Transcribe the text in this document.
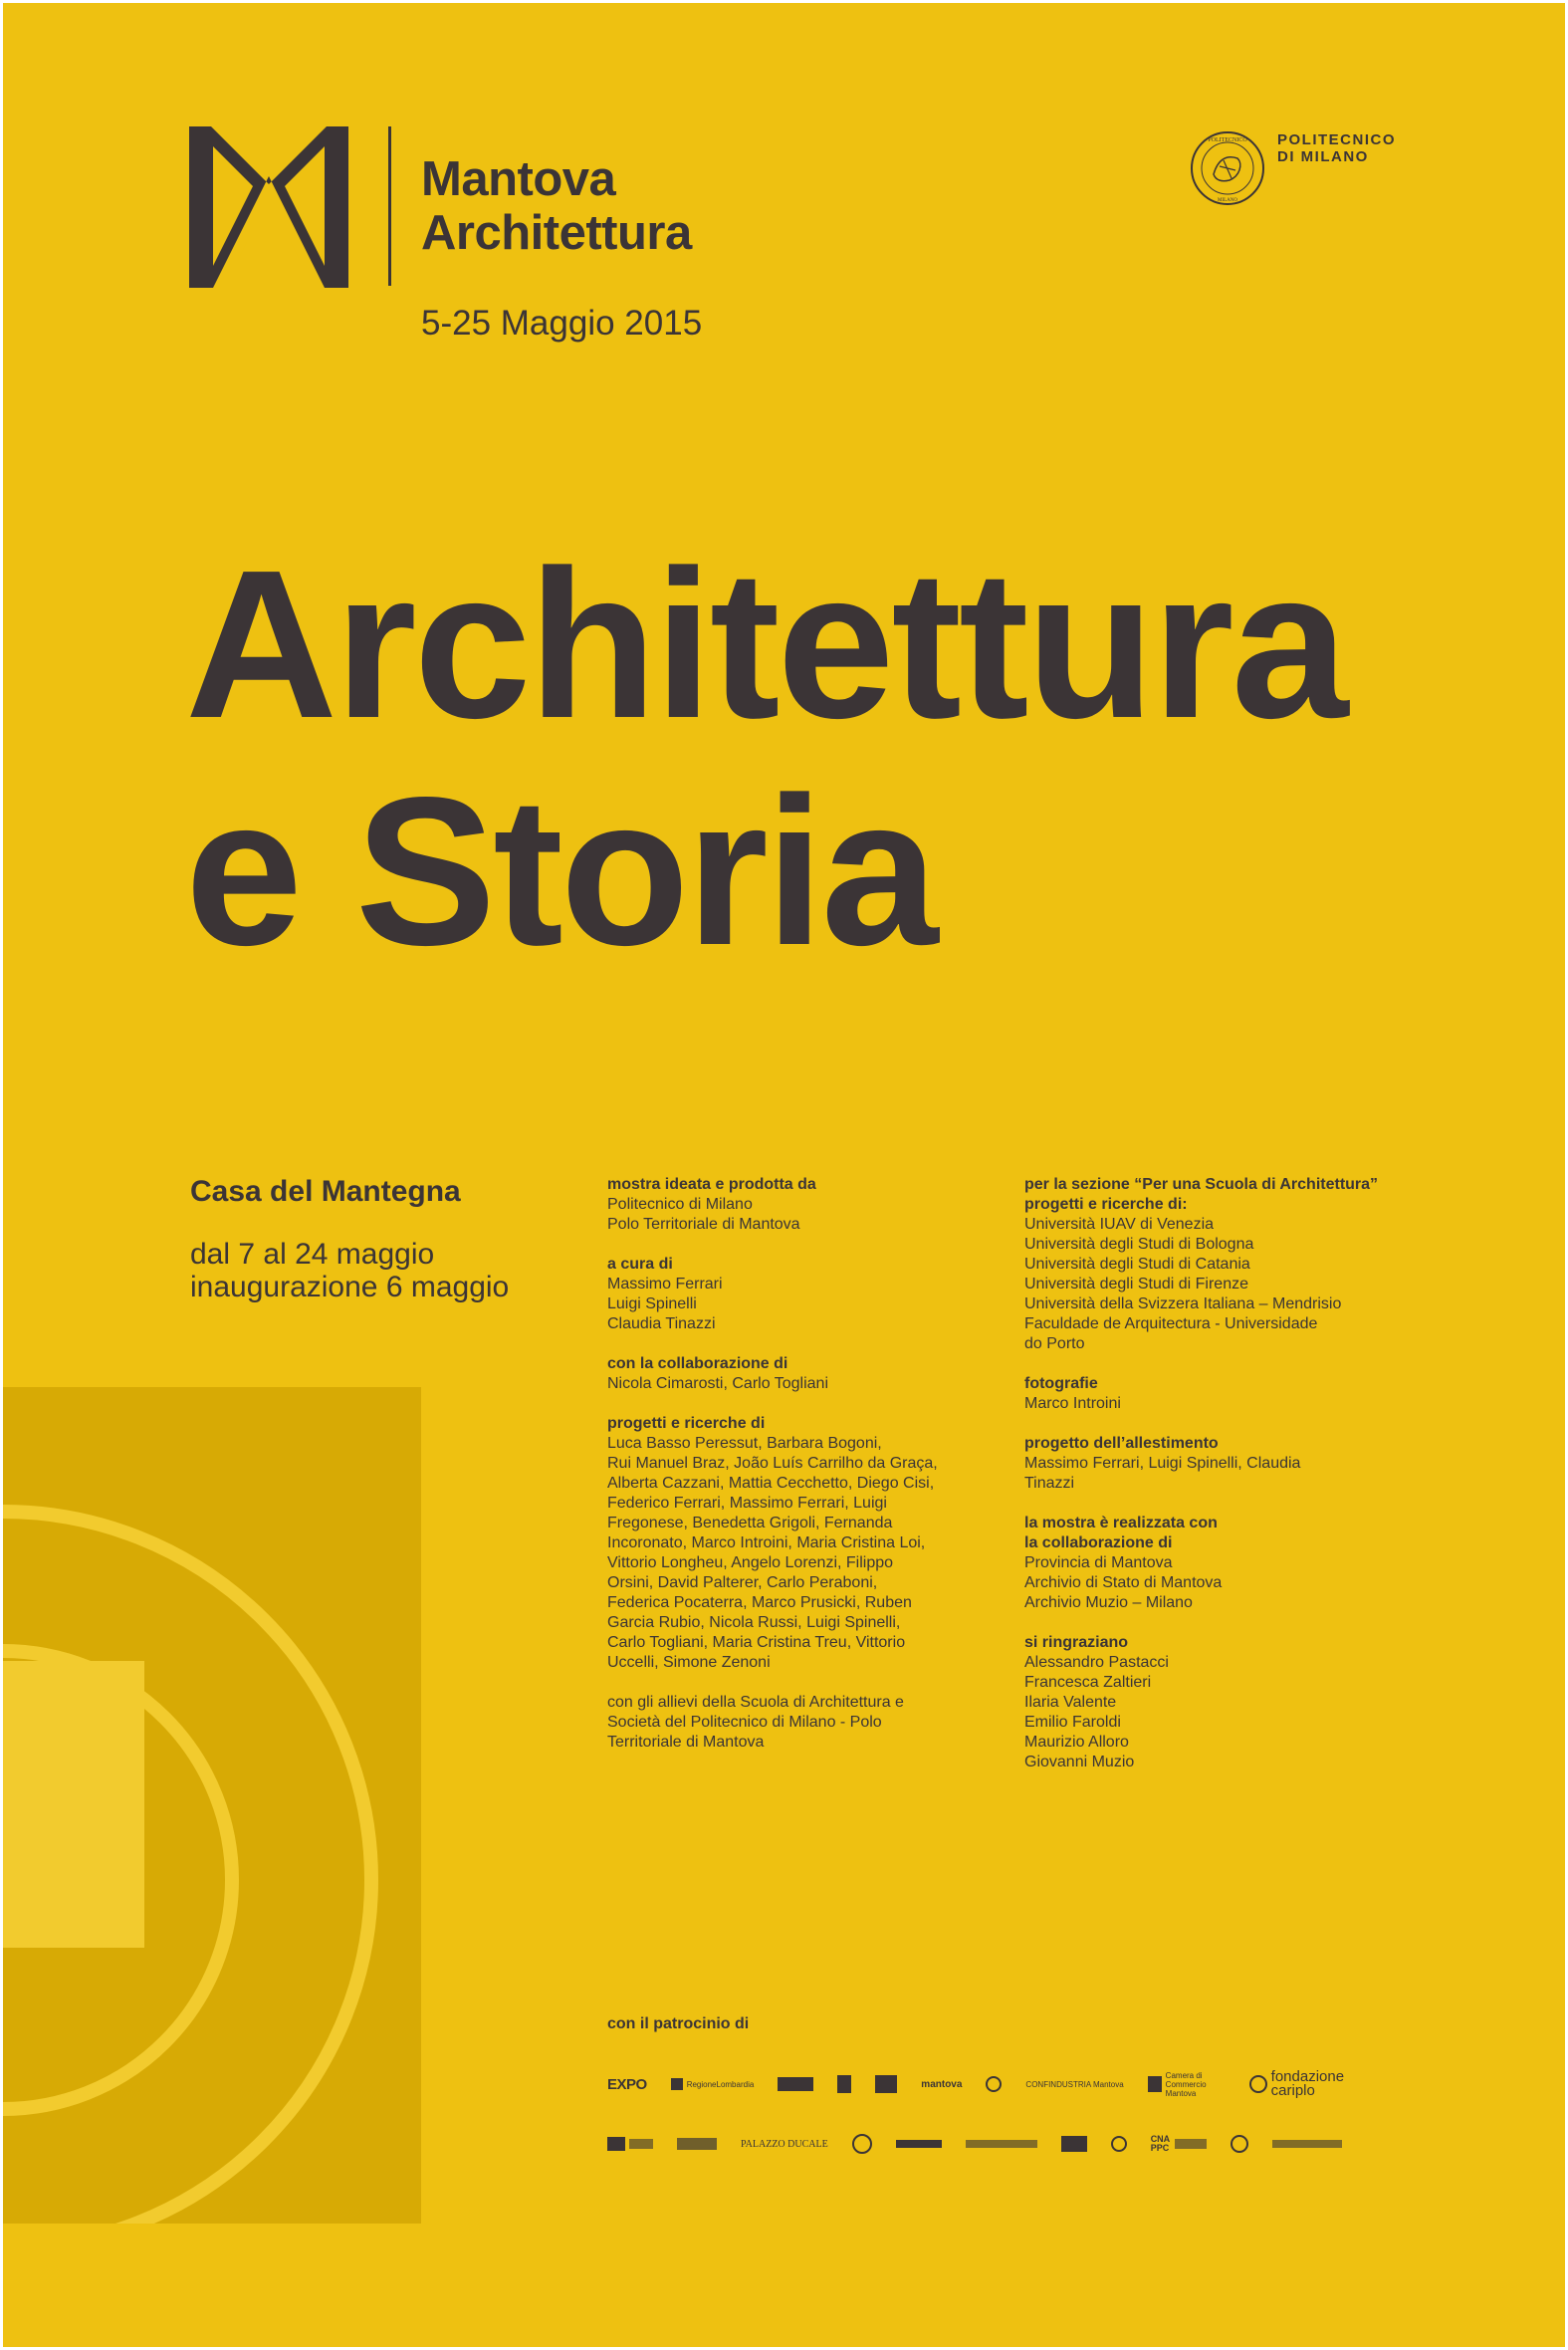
Mantova
Architettura
5-25 Maggio 2015
POLITECNICO
MILANO
POLITECNICO
DI MILANO
Architettura
e Storia
Casa del Mantegna
dal 7 al 24 maggio
inaugurazione 6 maggio
mostra ideata e prodotta da
Politecnico di Milano
Polo Territoriale di Mantova
a cura di
Massimo Ferrari
Luigi Spinelli
Claudia Tinazzi
con la collaborazione di
Nicola Cimarosti, Carlo Togliani
progetti e ricerche di
Luca Basso Peressut, Barbara Bogoni,
Rui Manuel Braz, João Luís Carrilho da Graça,
Alberta Cazzani, Mattia Cecchetto, Diego Cisi,
Federico Ferrari, Massimo Ferrari, Luigi
Fregonese, Benedetta Grigoli, Fernanda
Incoronato, Marco Introini, Maria Cristina Loi,
Vittorio Longheu, Angelo Lorenzi, Filippo
Orsini, David Palterer, Carlo Peraboni,
Federica Pocaterra, Marco Prusicki, Ruben
Garcia Rubio, Nicola Russi, Luigi Spinelli,
Carlo Togliani, Maria Cristina Treu, Vittorio
Uccelli, Simone Zenoni
con gli allievi della Scuola di Architettura e
Società del Politecnico di Milano - Polo
Territoriale di Mantova
per la sezione “Per una Scuola di Architettura”
progetti e ricerche di:
Università IUAV di Venezia
Università degli Studi di Bologna
Università degli Studi di Catania
Università degli Studi di Firenze
Università della Svizzera Italiana – Mendrisio
Faculdade de Arquitectura - Universidade
do Porto
fotografie
Marco Introini
progetto dell’allestimento
Massimo Ferrari, Luigi Spinelli, Claudia
Tinazzi
la mostra è realizzata con
la collaborazione di
Provincia di Mantova
Archivio di Stato di Mantova
Archivio Muzio – Milano
si ringraziano
Alessandro Pastacci
Francesca Zaltieri
Ilaria Valente
Emilio Faroldi
Maurizio Alloro
Giovanni Muzio
con il patrocinio di
EXPO	RegioneLombardia	mantova	CONFINDUSTRIA Mantova
Camera di Commercio Mantova
fondazione
cariplo
PALAZZO DUCALE	CNA PPC
